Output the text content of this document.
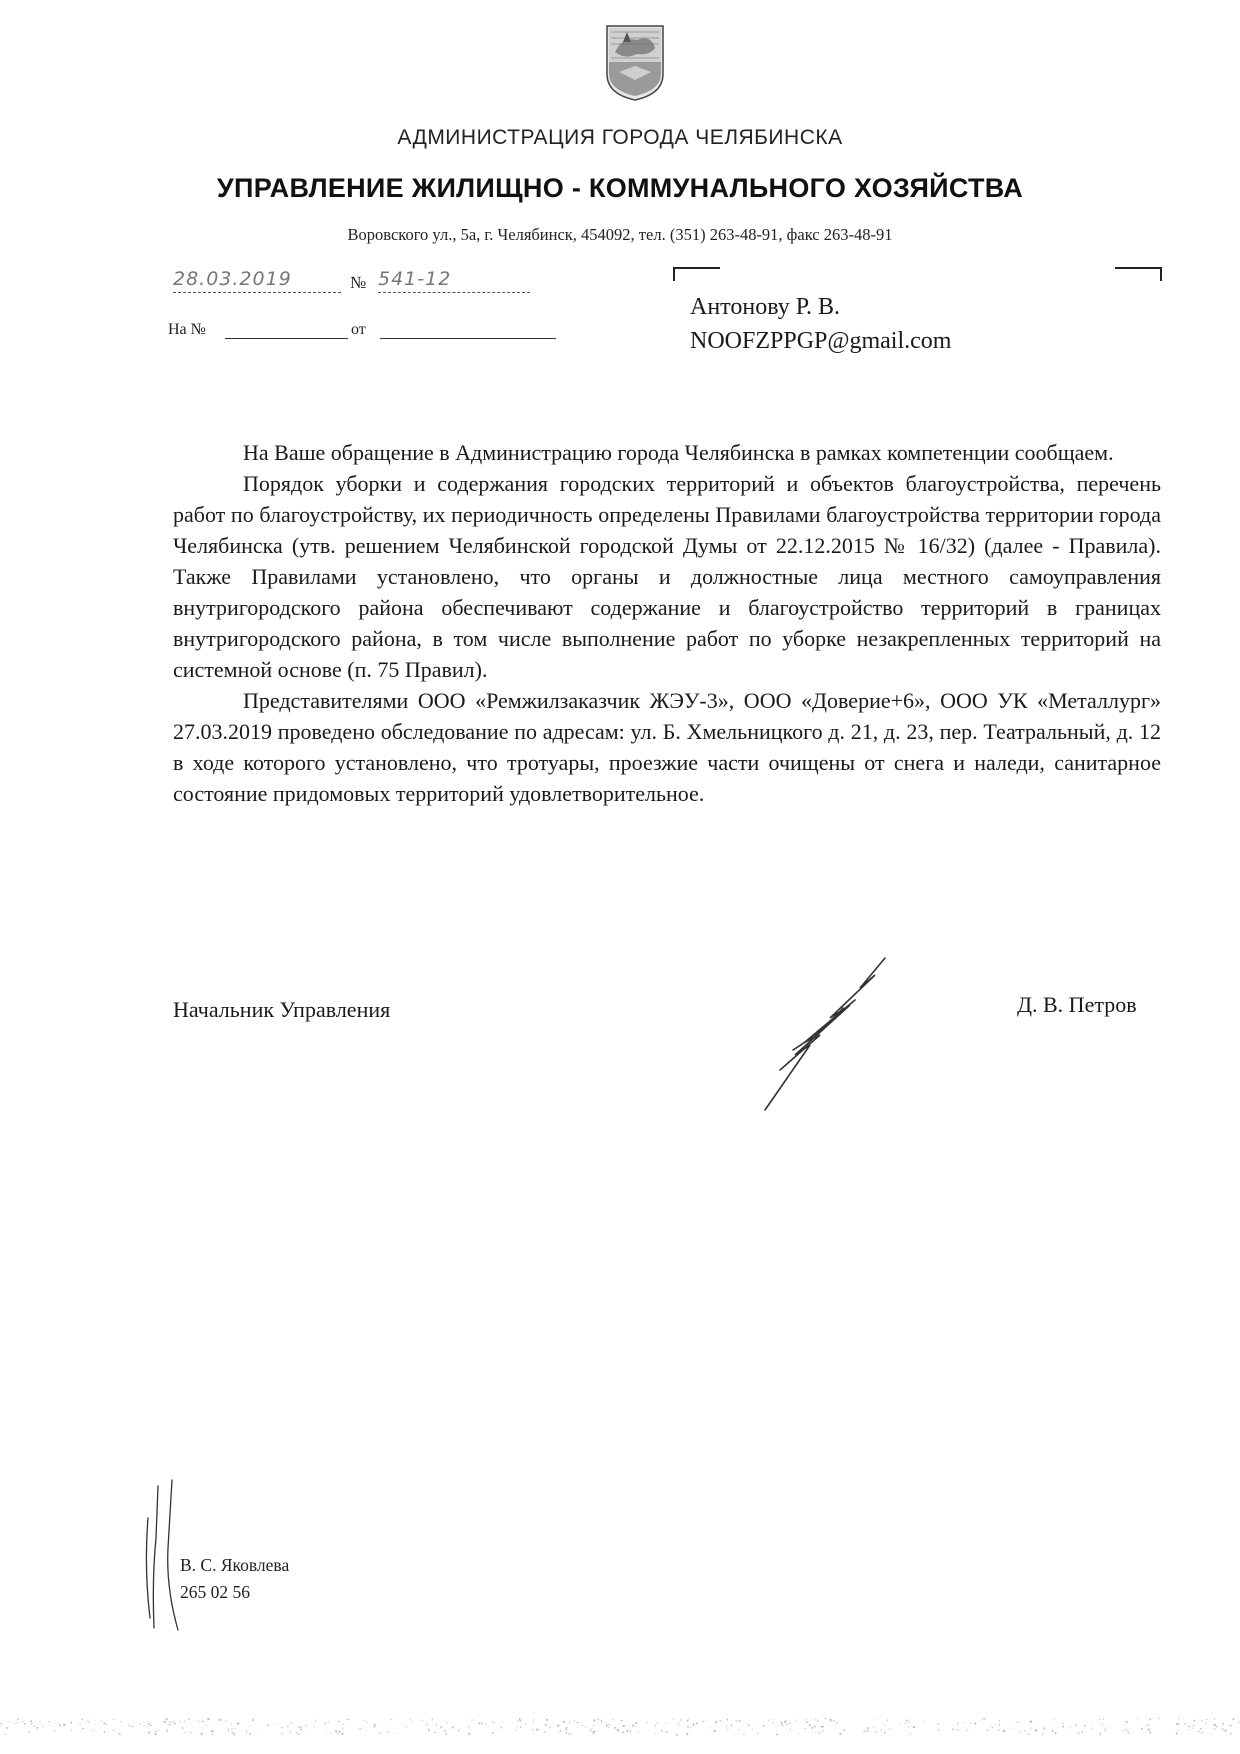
АДМИНИСТРАЦИЯ ГОРОДА ЧЕЛЯБИНСКА
УПРАВЛЕНИЕ ЖИЛИЩНО - КОММУНАЛЬНОГО ХОЗЯЙСТВА
Воровского ул., 5а, г. Челябинск, 454092, тел. (351) 263-48-91, факс 263-48-91
28.03.2019	№ 541-12
На №	от
Антонову Р. В.
NOOFZPPGP@gmail.com

На Ваше обращение в Администрацию города Челябинска в рамках компетенции сообщаем.

Порядок уборки и содержания городских территорий и объектов благоустройства, перечень работ по благоустройству, их периодичность определены Правилами благоустройства территории города Челябинска (утв. решением Челябинской городской Думы от 22.12.2015 № 16/32) (далее - Правила). Также Правилами установлено, что органы и должностные лица местного самоуправления внутригородского района обеспечивают содержание и благоустройство территорий в границах внутригородского района, в том числе выполнение работ по уборке незакрепленных территорий на системной основе (п. 75 Правил).

Представителями ООО «Ремжилзаказчик ЖЭУ-3», ООО «Доверие+6», ООО УК «Металлург» 27.03.2019 проведено обследование по адресам: ул. Б. Хмельницкого д. 21, д. 23, пер. Театральный, д. 12 в ходе которого установлено, что тротуары, проезжие части очищены от снега и наледи, санитарное состояние придомовых территорий удовлетворительное.

Начальник Управления	Д. В. Петров
В. С. Яковлева
265 02 56
